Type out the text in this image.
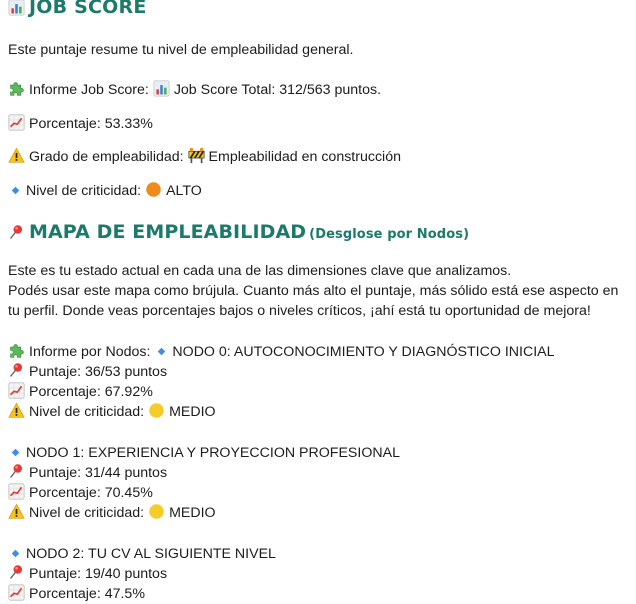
JOB SCORE
Este puntaje resume tu nivel de empleabilidad general.
Informe Job Score: Job Score Total: 312/563 puntos.
Porcentaje: 53.33%
Grado de empleabilidad: Empleabilidad en construcción
Nivel de criticidad: ALTO
MAPA DE EMPLEABILIDAD (Desglose por Nodos)
Este es tu estado actual en cada una de las dimensiones clave que analizamos.
Podés usar este mapa como brújula. Cuanto más alto el puntaje, más sólido está ese aspecto en
tu perfil. Donde veas porcentajes bajos o niveles críticos, ¡ahí está tu oportunidad de mejora!
Informe por Nodos: NODO 0: AUTOCONOCIMIENTO Y DIAGNÓSTICO INICIAL
Puntaje: 36/53 puntos
Porcentaje: 67.92%
Nivel de criticidad: MEDIO
NODO 1: EXPERIENCIA Y PROYECCION PROFESIONAL
Puntaje: 31/44 puntos
Porcentaje: 70.45%
Nivel de criticidad: MEDIO
NODO 2: TU CV AL SIGUIENTE NIVEL
Puntaje: 19/40 puntos
Porcentaje: 47.5%
